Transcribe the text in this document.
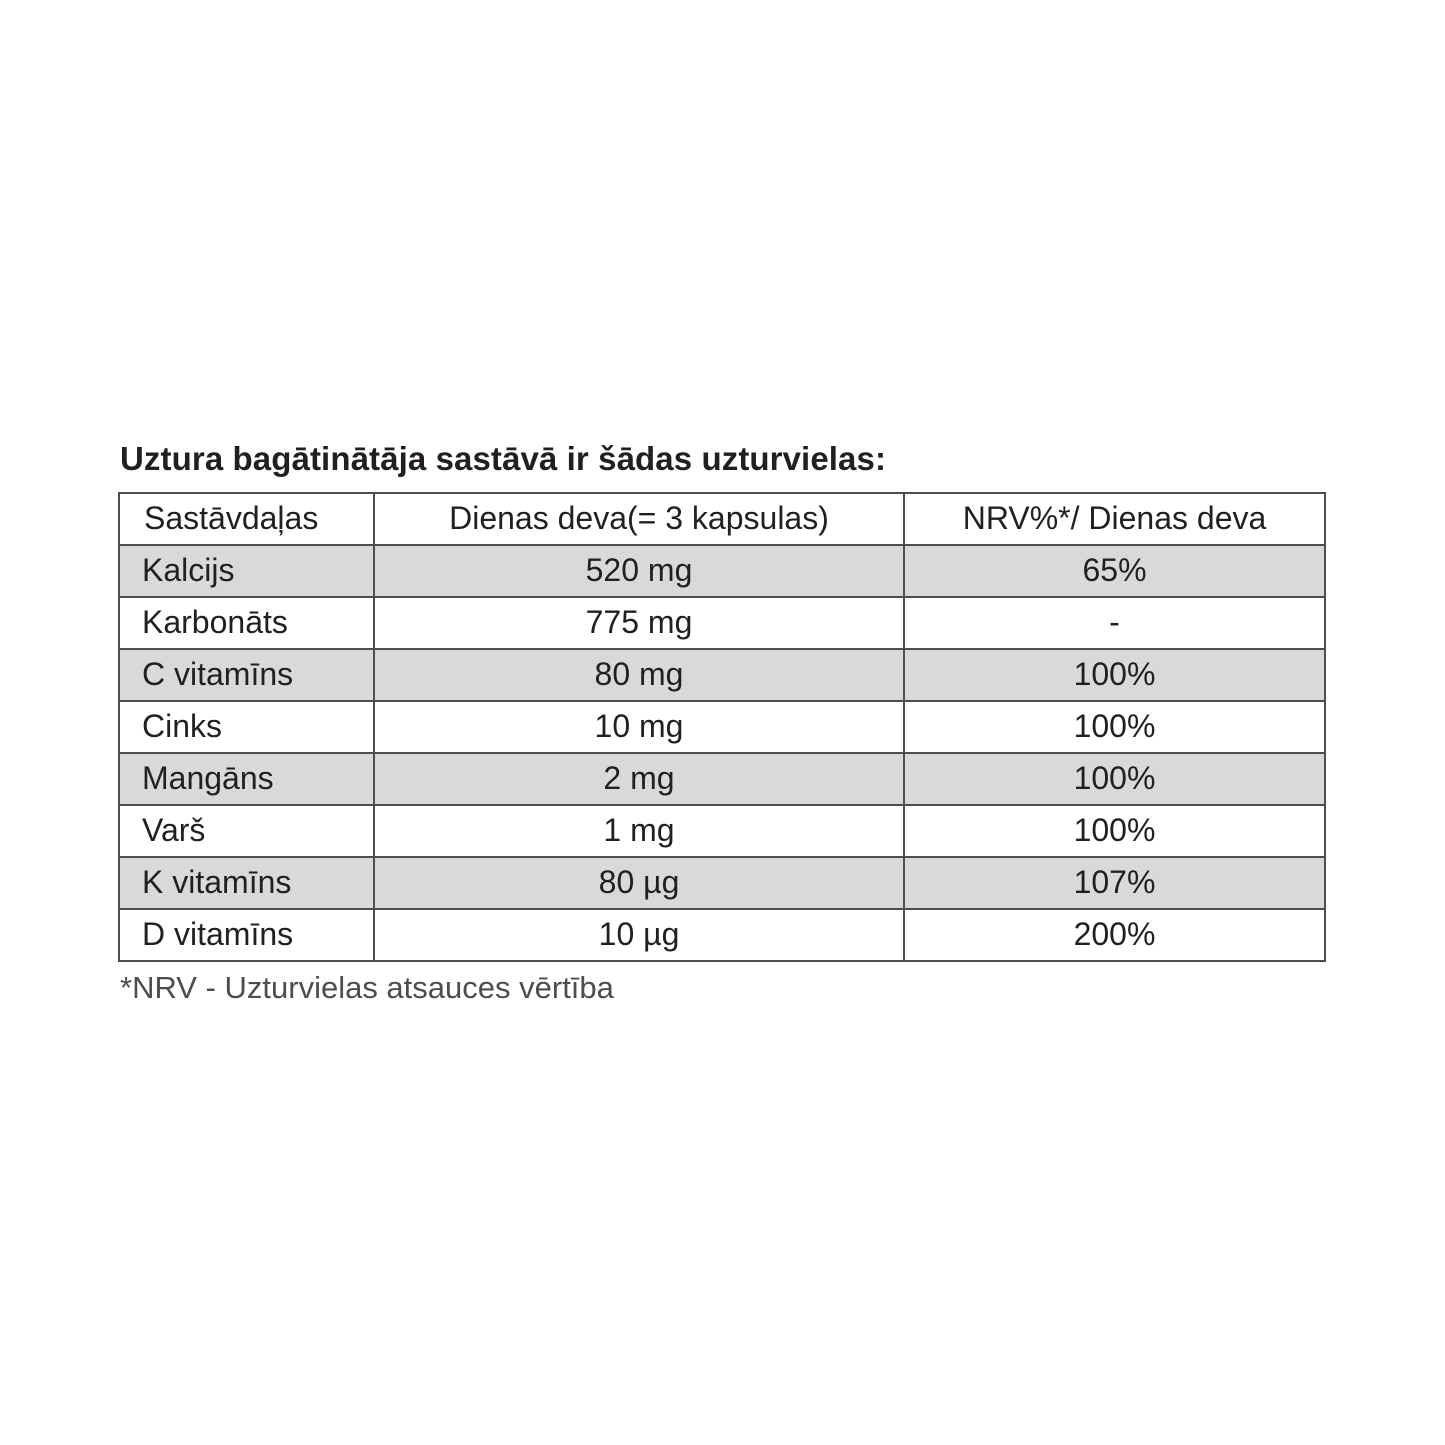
Uztura bagātinātāja sastāvā ir šādas uzturvielas:
Sastāvdaļas	Dienas deva(= 3 kapsulas)	NRV%*/ Dienas deva
Kalcijs	520 mg	65%
Karbonāts	775 mg	-
C vitamīns	80 mg	100%
Cinks	10 mg	100%
Mangāns	2 mg	100%
Varš	1 mg	100%
K vitamīns	80 µg	107%
D vitamīns	10 µg	200%
*NRV - Uzturvielas atsauces vērtība
